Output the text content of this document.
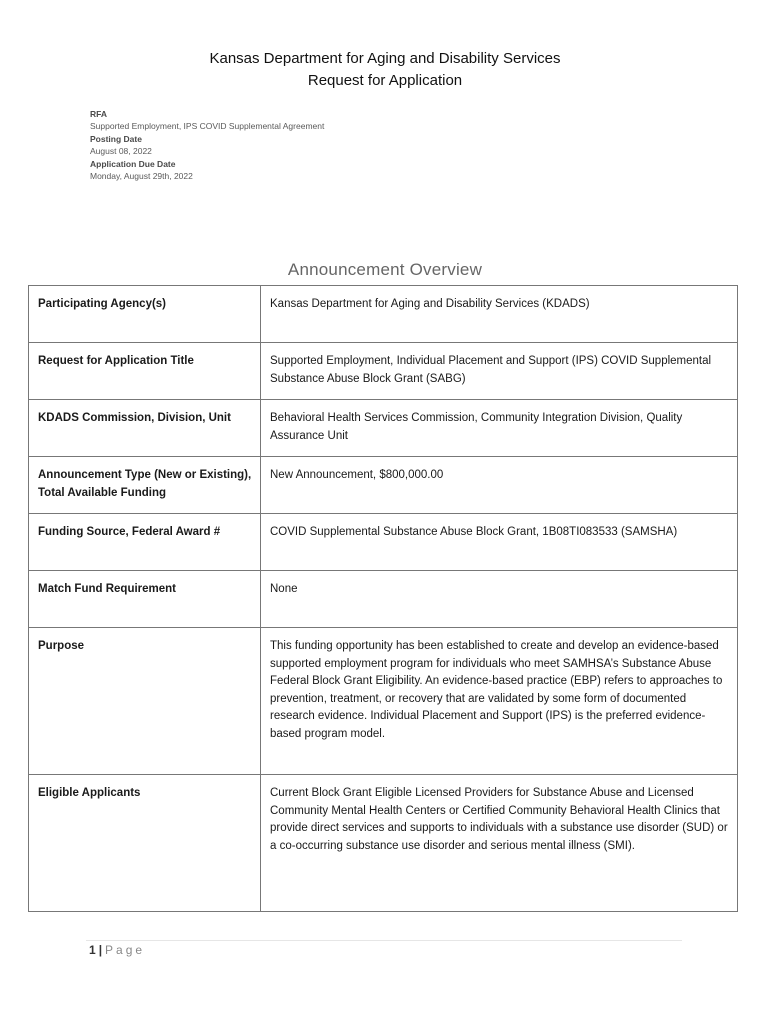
Kansas Department for Aging and Disability Services
Request for Application
RFA
Supported Employment, IPS COVID Supplemental Agreement
Posting Date
August 08, 2022
Application Due Date
Monday, August 29th, 2022
Announcement Overview
Participating Agency(s)	Kansas Department for Aging and Disability Services (KDADS)
Request for Application Title	Supported Employment, Individual Placement and Support (IPS) COVID Supplemental Substance Abuse Block Grant (SABG)
KDADS Commission, Division, Unit	Behavioral Health Services Commission, Community Integration Division, Quality Assurance Unit
Announcement Type (New or Existing), Total Available Funding	New Announcement, $800,000.00
Funding Source, Federal Award #	COVID Supplemental Substance Abuse Block Grant, 1B08TI083533 (SAMSHA)
Match Fund Requirement	None
Purpose	This funding opportunity has been established to create and develop an evidence-based supported employment program for individuals who meet SAMHSA’s Substance Abuse Federal Block Grant Eligibility. An evidence-based practice (EBP) refers to approaches to prevention, treatment, or recovery that are validated by some form of documented research evidence. Individual Placement and Support (IPS) is the preferred evidence-based program model.
Eligible Applicants	Current Block Grant Eligible Licensed Providers for Substance Abuse and Licensed Community Mental Health Centers or Certified Community Behavioral Health Clinics that provide direct services and supports to individuals with a substance use disorder (SUD) or a co-occurring substance use disorder and serious mental illness (SMI).
1 | Page
